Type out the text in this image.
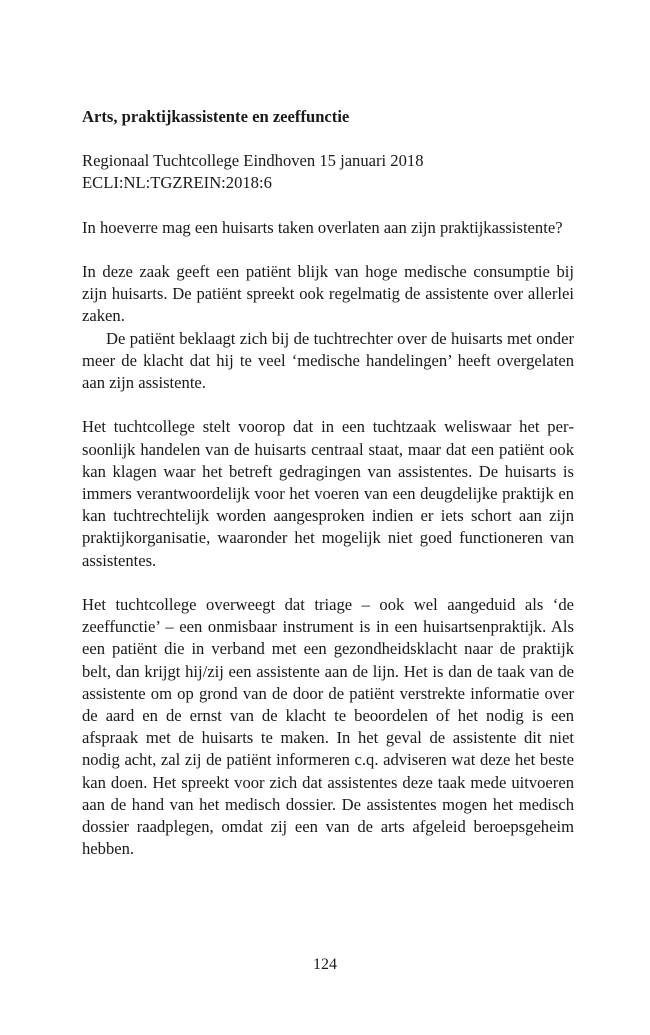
Arts, praktijkassistente en zeeffunctie
Regionaal Tuchtcollege Eindhoven 15 januari 2018
ECLI:NL:TGZREIN:2018:6

In hoeverre mag een huisarts taken overlaten aan zijn praktijkassistente?

In deze zaak geeft een patiënt blijk van hoge medische consumptie bij zijn huisarts. De patiënt spreekt ook regelmatig de assistente over allerlei zaken.

De patiënt beklaagt zich bij de tuchtrechter over de huisarts met onder meer de klacht dat hij te veel ‘medische handelingen’ heeft overgelaten aan zijn assistente.

Het tuchtcollege stelt voorop dat in een tuchtzaak weliswaar het persoonlijk handelen van de huisarts centraal staat, maar dat een patiënt ook kan klagen waar het betreft gedragingen van assistentes. De huisarts is immers verantwoordelijk voor het voeren van een deugdelijke praktijk en kan tuchtrechtelijk worden aangesproken indien er iets schort aan zijn praktijkorganisatie, waaronder het mogelijk niet goed functioneren van assistentes.

Het tuchtcollege overweegt dat triage – ook wel aangeduid als ‘de zeeffunctie’ – een onmisbaar instrument is in een huisartsenpraktijk. Als een patiënt die in verband met een gezondheidsklacht naar de praktijk belt, dan krijgt hij/zij een assistente aan de lijn. Het is dan de taak van de assistente om op grond van de door de patiënt verstrekte informatie over de aard en de ernst van de klacht te beoordelen of het nodig is een afspraak met de huisarts te maken. In het geval de assistente dit niet nodig acht, zal zij de patiënt informeren c.q. adviseren wat deze het beste kan doen. Het spreekt voor zich dat assistentes deze taak mede uitvoeren aan de hand van het medisch dossier. De assistentes mogen het medisch dossier raadplegen, omdat zij een van de arts afgeleid beroepsgeheim hebben.

124
